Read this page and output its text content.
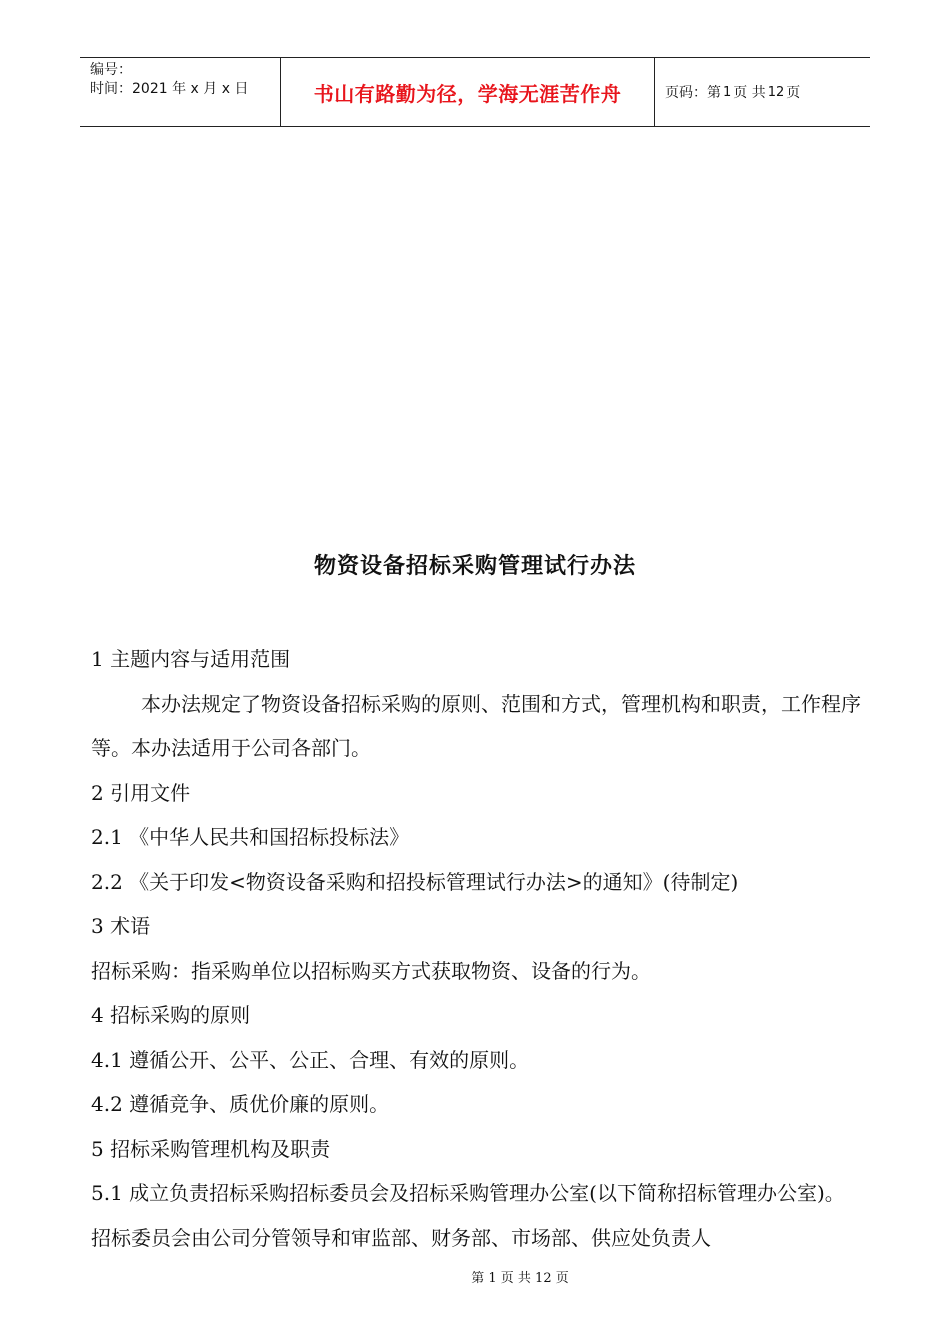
编号：
时间：2021 年 x 月 x 日	书山有路勤为径，学海无涯苦作舟	页码：第 1 页 共 12 页
物资设备招标采购管理试行办法

1 主题内容与适用范围

本办法规定了物资设备招标采购的原则、范围和方式，管理机构和职责，工作程序等。本办法适用于公司各部门。

2 引用文件

2.1 《中华人民共和国招标投标法》

2.2 《关于印发<物资设备采购和招投标管理试行办法>的通知》(待制定)

3 术语

招标采购：指采购单位以招标购买方式获取物资、设备的行为。

4 招标采购的原则

4.1 遵循公开、公平、公正、合理、有效的原则。

4.2 遵循竞争、质优价廉的原则。

5 招标采购管理机构及职责

5.1 成立负责招标采购招标委员会及招标采购管理办公室(以下简称招标管理办公室)。招标委员会由公司分管领导和审监部、财务部、市场部、供应处负责人

第 1 页 共 12 页
